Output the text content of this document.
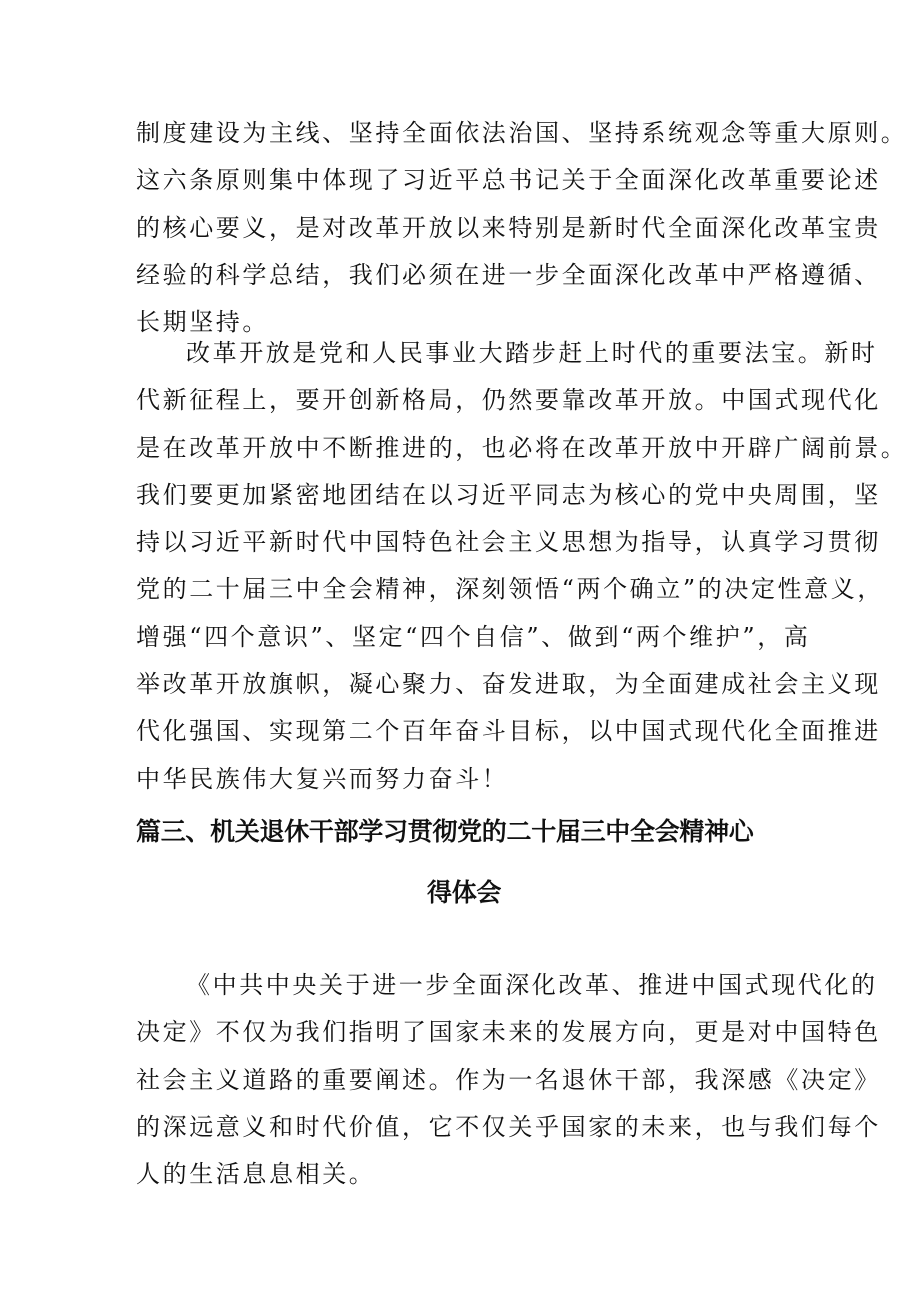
制度建设为主线、坚持全面依法治国、坚持系统观念等重大原则。
这六条原则集中体现了习近平总书记关于全面深化改革重要论述
的核心要义，是对改革开放以来特别是新时代全面深化改革宝贵
经验的科学总结，我们必须在进一步全面深化改革中严格遵循、
长期坚持。

改革开放是党和人民事业大踏步赶上时代的重要法宝。新时
代新征程上，要开创新格局，仍然要靠改革开放。中国式现代化
是在改革开放中不断推进的，也必将在改革开放中开辟广阔前景。
我们要更加紧密地团结在以习近平同志为核心的党中央周围，坚
持以习近平新时代中国特色社会主义思想为指导，认真学习贯彻
党的二十届三中全会精神，深刻领悟“两个确立”的决定性意义，
增强“四个意识”、坚定“四个自信”、做到“两个维护”，高
举改革开放旗帜，凝心聚力、奋发进取，为全面建成社会主义现
代化强国、实现第二个百年奋斗目标，以中国式现代化全面推进
中华民族伟大复兴而努力奋斗！

篇三、机关退休干部学习贯彻党的二十届三中全会精神心
得体会

《中共中央关于进一步全面深化改革、推进中国式现代化的
决定》不仅为我们指明了国家未来的发展方向，更是对中国特色
社会主义道路的重要阐述。作为一名退休干部，我深感《决定》
的深远意义和时代价值，它不仅关乎国家的未来，也与我们每个
人的生活息息相关。
